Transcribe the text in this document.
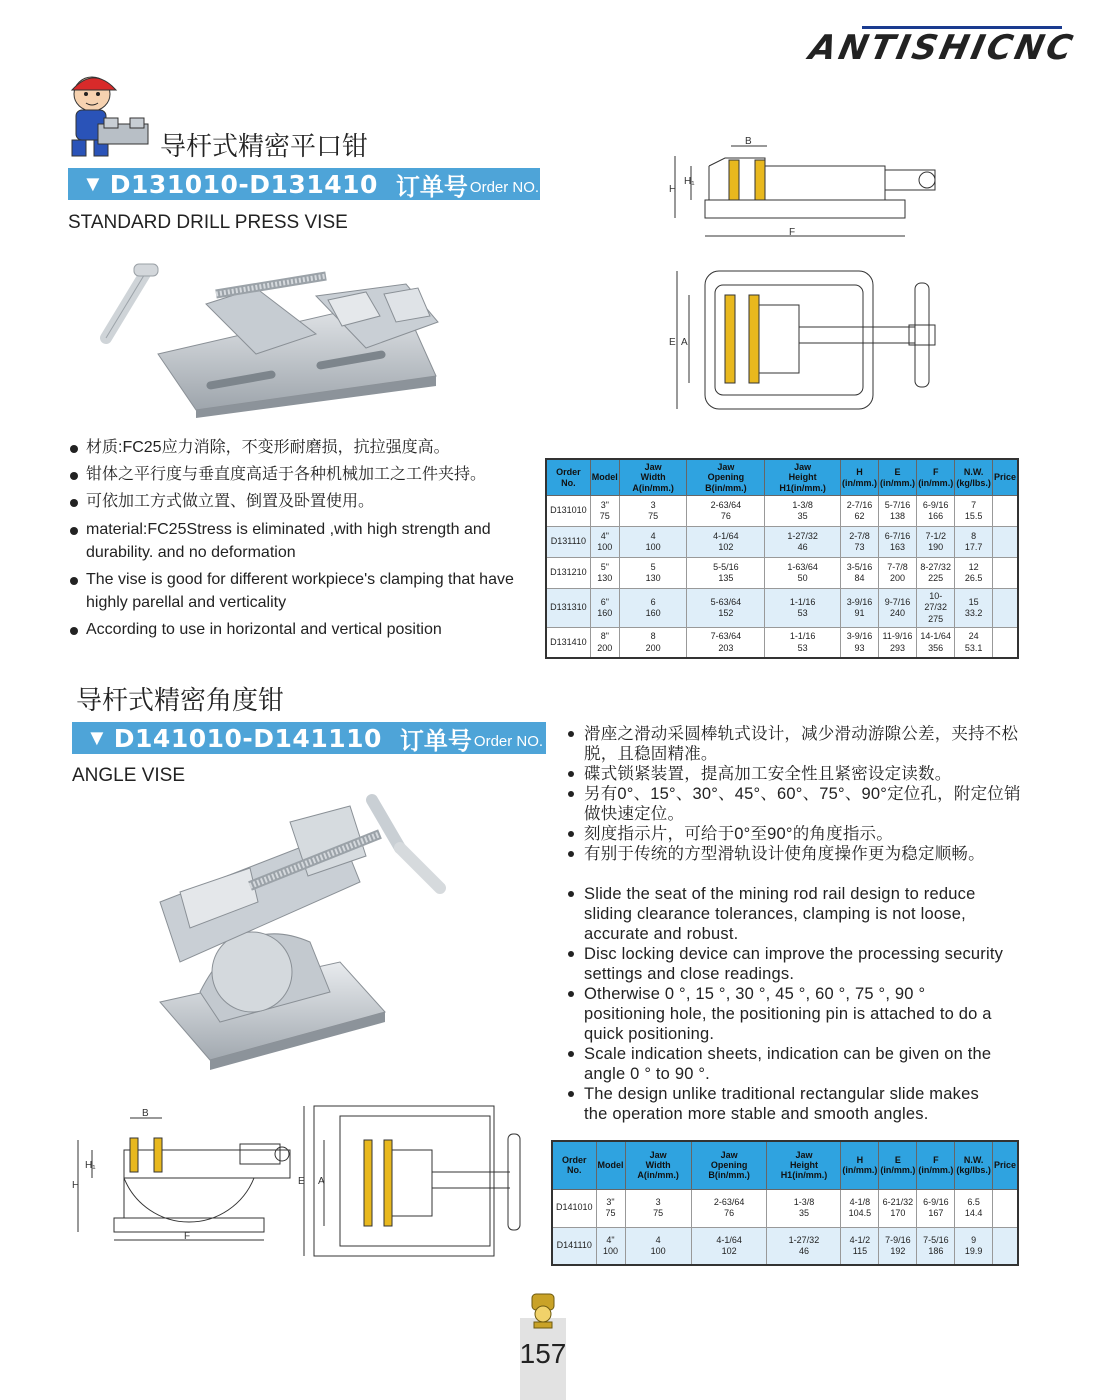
ANTISHICNC
导杆式精密平口钳
▼ D131010-D131410 订单号 Order NO.
STANDARD DRILL PRESS VISE
B
H
H₁
F
E A
材质:FC25应力消除，不变形耐磨损，抗拉强度高。
钳体之平行度与垂直度高适于各种机械加工之工件夹持。
可依加工方式做立置、倒置及卧置使用。
material:FC25Stress is eliminated ,with high strength and durability. and no deformation
The vise is good for different workpiece's clamping that have highly parellal and verticality
According to use in horizontal and vertical position
Order No.	Model	Jaw
Width A(in/mm.)	Jaw
Opening B(in/mm.)	Jaw
Height H1(in/mm.)	H
(in/mm.)	E
(in/mm.)	F
(in/mm.)	N.W.
(kg/lbs.)	Price
D131010	3"
75	3
75	2-63/64
76	1-3/8
35	2-7/16
62	5-7/16
138	6-9/16
166	7
15.5	
D131110	4"
100	4
100	4-1/64
102	1-27/32
46	2-7/8
73	6-7/16
163	7-1/2
190	8
17.7	
D131210	5"
130	5
130	5-5/16
135	1-63/64
50	3-5/16
84	7-7/8
200	8-27/32
225	12
26.5	
D131310	6"
160	6
160	5-63/64
152	1-1/16
53	3-9/16
91	9-7/16
240	10-27/32
275	15
33.2	
D131410	8"
200	8
200	7-63/64
203	1-1/16
53	3-9/16
93	11-9/16
293	14-1/64
356	24
53.1	
导杆式精密角度钳
▼ D141010-D141110 订单号 Order NO.
ANGLE VISE
滑座之滑动采圆棒轨式设计，减少滑动游隙公差，夹持不松脱，且稳固精准。
碟式锁紧装置，提高加工安全性且紧密设定读数。
另有0°、15°、30°、45°、60°、75°、90°定位孔，附定位销做快速定位。
刻度指示片，可给于0°至90°的角度指示。
有别于传统的方型滑轨设计使角度操作更为稳定顺畅。
Slide the seat of the mining rod rail design to reduce sliding clearance tolerances, clamping is not loose, accurate and robust.
Disc locking device can improve the processing security settings and close readings.
Otherwise 0 °, 15 °, 30 °, 45 °, 60 °, 75 °, 90 ° positioning hole, the positioning pin is attached to do a quick positioning.
Scale indication sheets, indication can be given on the angle 0 ° to 90 °.
The design unlike traditional rectangular slide makes the operation more stable and smooth angles.
B
H
H₁
F
E A
Order No.	Model	Jaw
Width A(in/mm.)	Jaw
Opening B(in/mm.)	Jaw
Height H1(in/mm.)	H
(in/mm.)	E
(in/mm.)	F
(in/mm.)	N.W.
(kg/lbs.)	Price
D141010	3"
75	3
75	2-63/64
76	1-3/8
35	4-1/8
104.5	6-21/32
170	6-9/16
167	6.5
14.4	
D141110	4"
100	4
100	4-1/64
102	1-27/32
46	4-1/2
115	7-9/16
192	7-5/16
186	9
19.9	
157
